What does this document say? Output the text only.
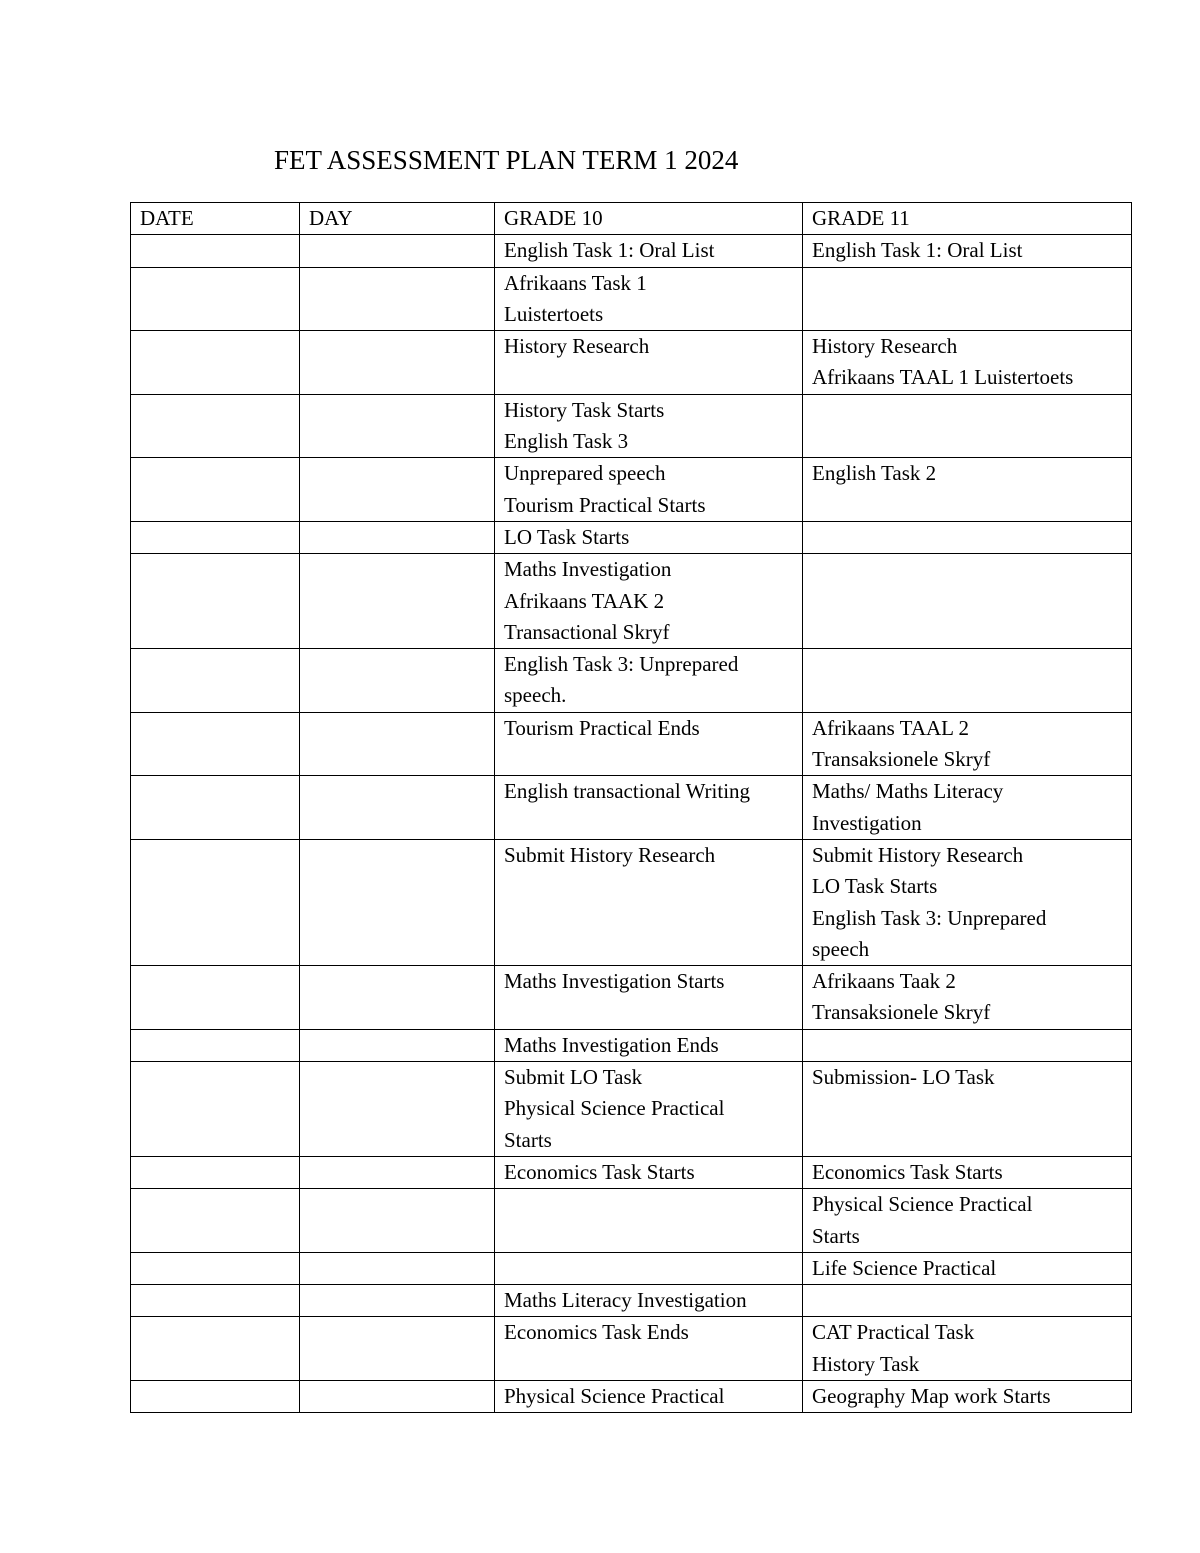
FET ASSESSMENT PLAN TERM 1 2024
DATE	DAY	GRADE 10	GRADE 11

		English Task 1: Oral List	English Task 1: Oral List

		Afrikaans Task 1
Luistertoets	

		History Research	History Research
Afrikaans TAAL 1 Luistertoets

		History Task Starts
English Task 3	

		Unprepared speech
Tourism Practical Starts	English Task 2

		LO Task Starts	

		Maths Investigation
Afrikaans TAAK 2
Transactional Skryf	

		English Task 3: Unprepared
speech.	

		Tourism Practical Ends	Afrikaans TAAL 2
Transaksionele Skryf

		English transactional Writing	Maths/ Maths Literacy
Investigation

		Submit History Research	Submit History Research
LO Task Starts
English Task 3: Unprepared
speech

		Maths Investigation Starts	Afrikaans Taak 2
Transaksionele Skryf

		Maths Investigation Ends	

		Submit LO Task
Physical Science Practical
Starts	Submission- LO Task

		Economics Task Starts	Economics Task Starts

			Physical Science Practical
Starts

			Life Science Practical

		Maths Literacy Investigation	

		Economics Task Ends	CAT Practical Task
History Task

		Physical Science Practical	Geography Map work Starts
